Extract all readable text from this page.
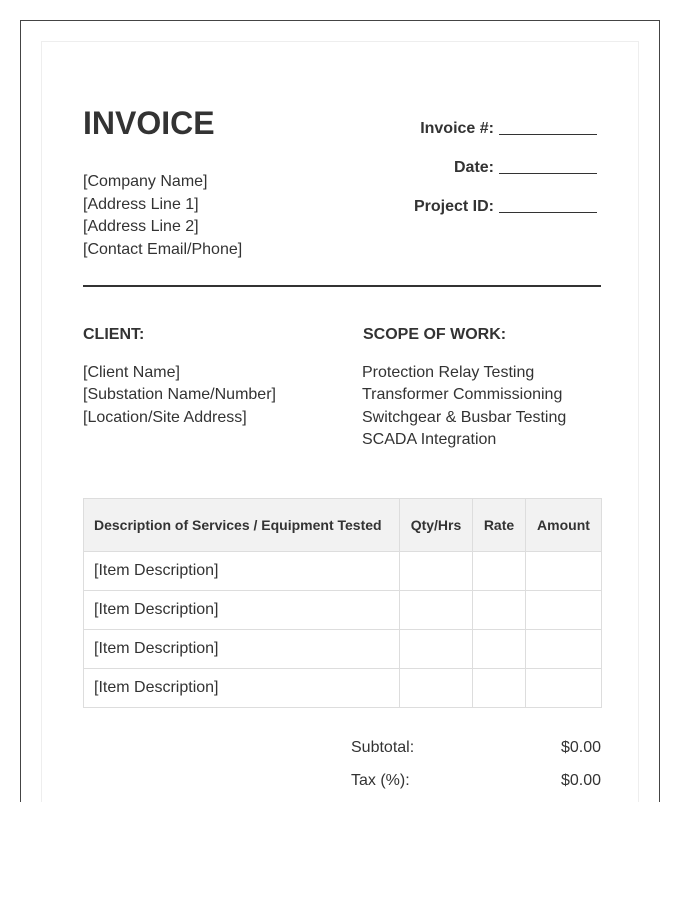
INVOICE
[Company Name]
[Address Line 1]
[Address Line 2]
[Contact Email/Phone]
Invoice #:
Date:
Project ID:
CLIENT:
[Client Name]
[Substation Name/Number]
[Location/Site Address]
SCOPE OF WORK:
Protection Relay Testing
Transformer Commissioning
Switchgear & Busbar Testing
SCADA Integration
Description of Services / Equipment Tested	Qty/Hrs	Rate	Amount
[Item Description]			
[Item Description]			
[Item Description]			
[Item Description]			
Subtotal:	$0.00
Tax (%):	$0.00
